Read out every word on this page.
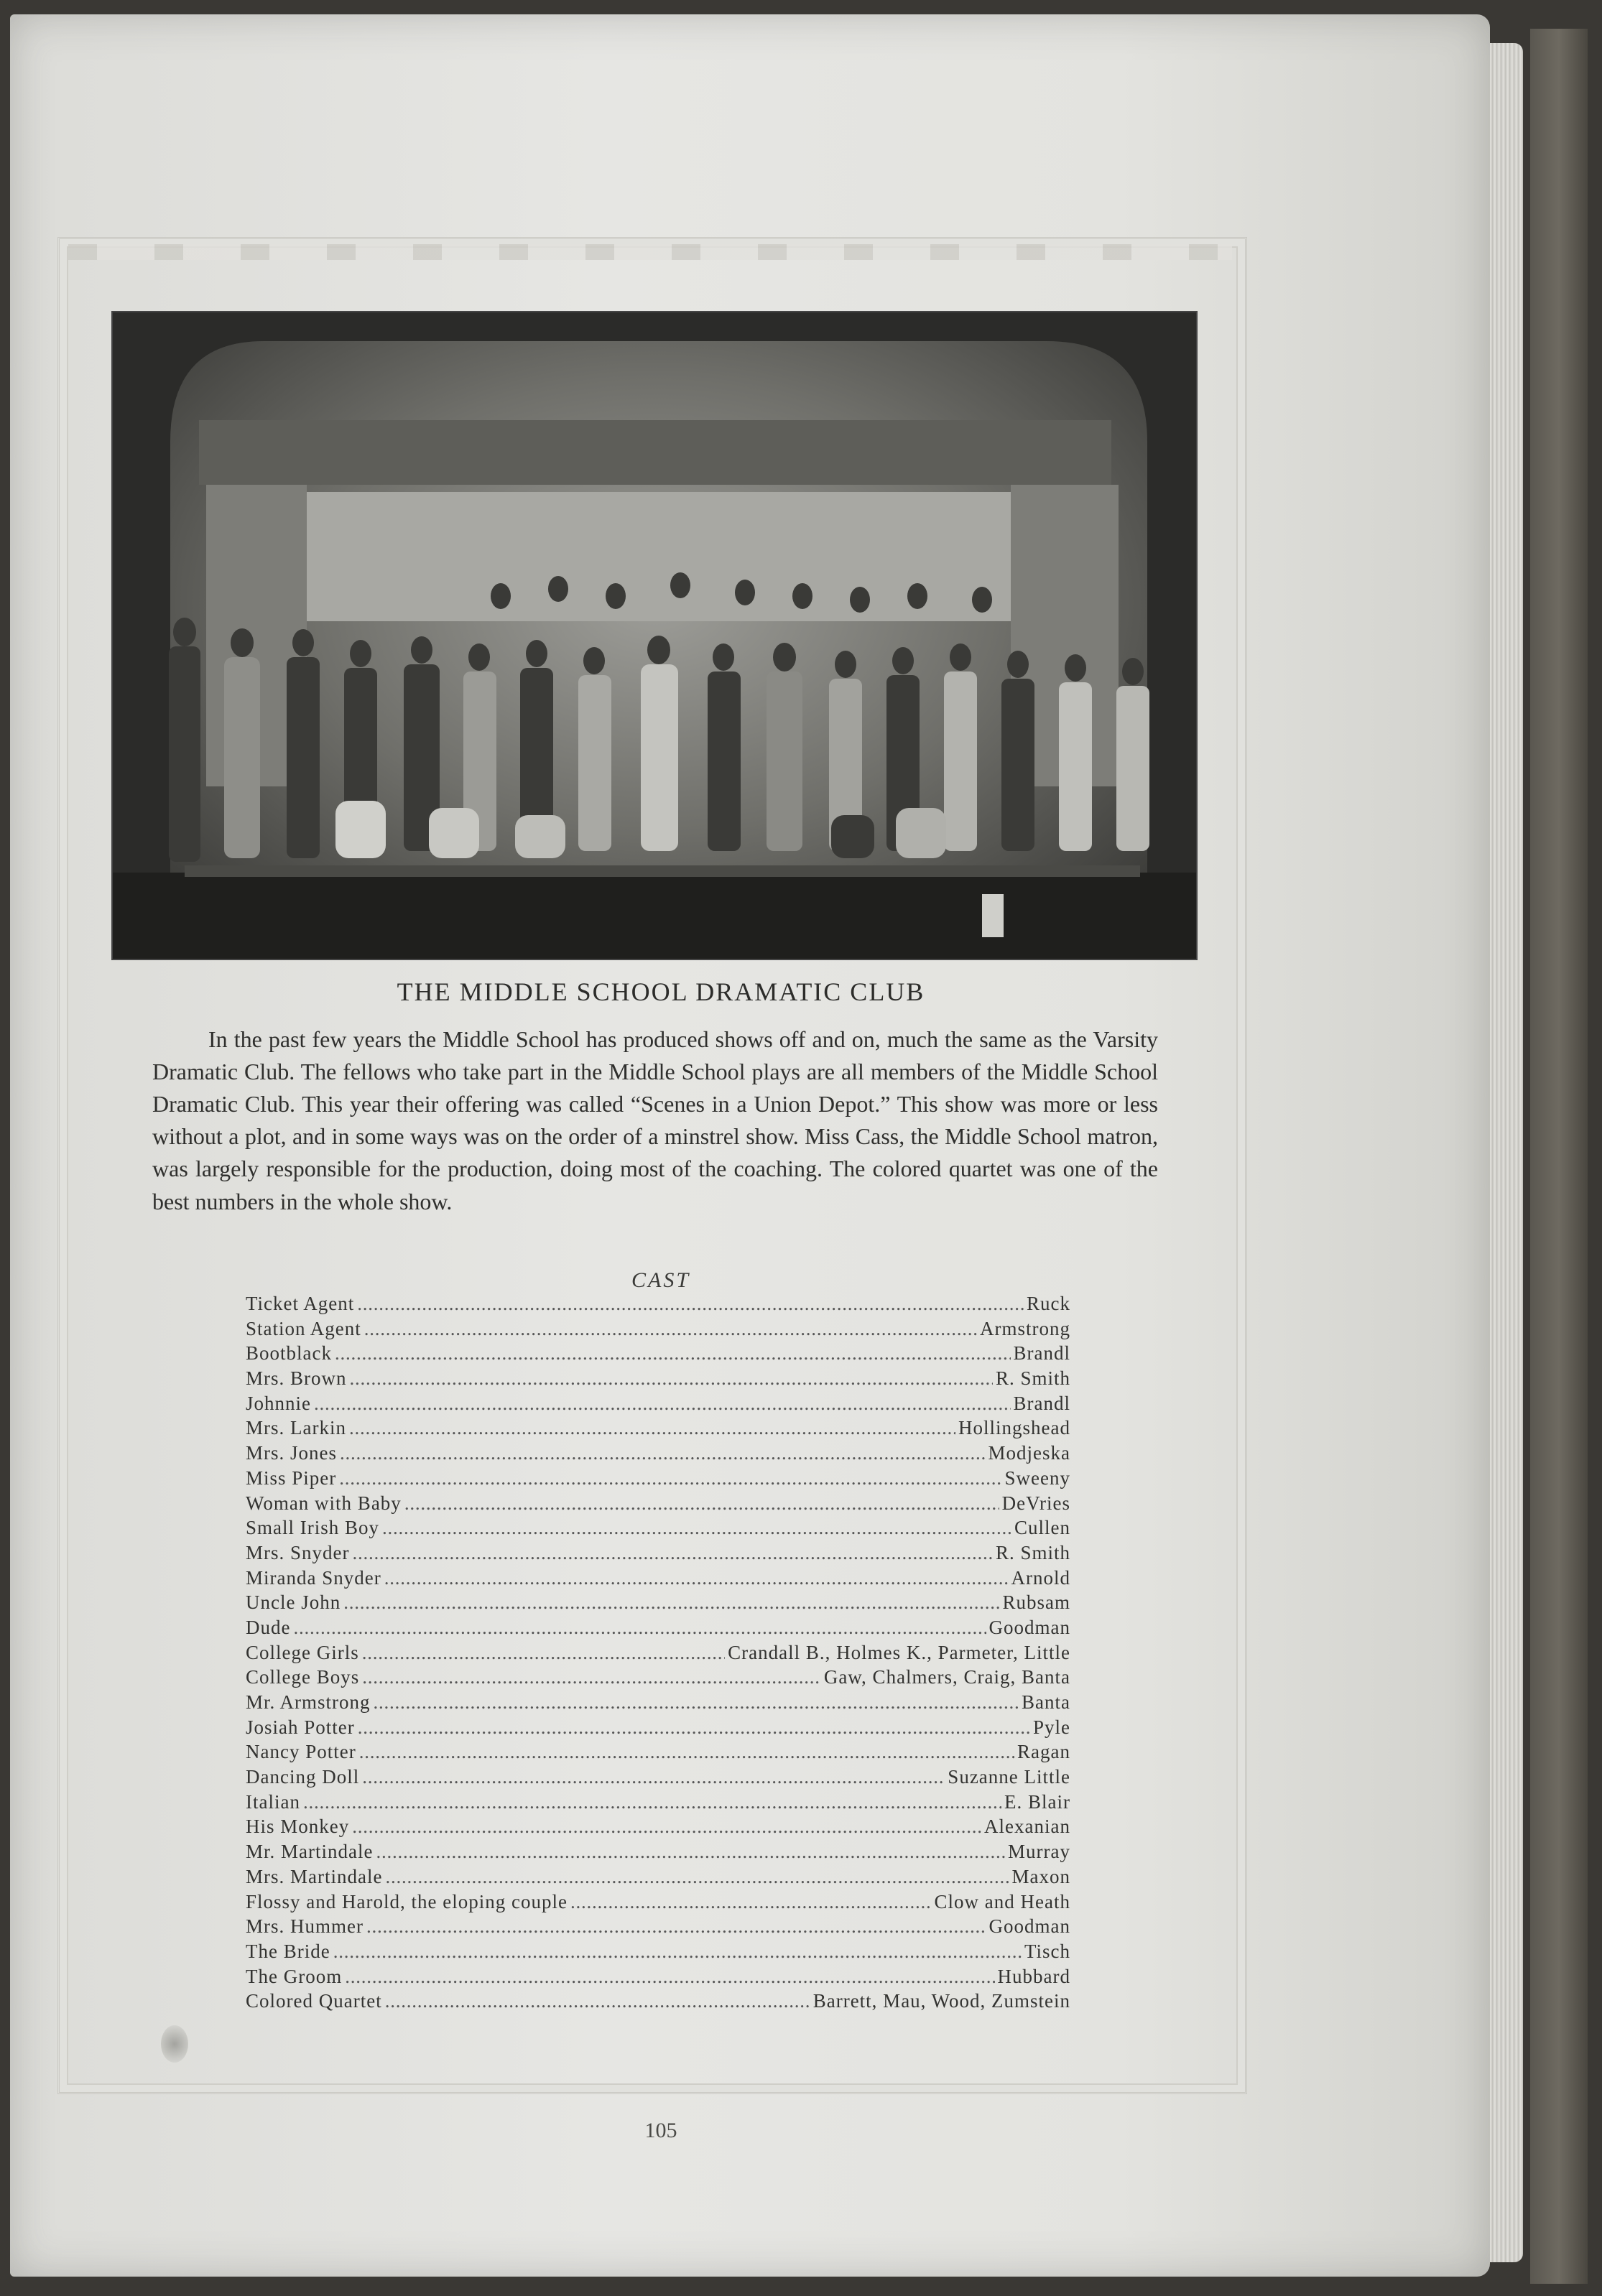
THE MIDDLE SCHOOL DRAMATIC CLUB

In the past few years the Middle School has produced shows off and on, much the same as the Varsity Dramatic Club. The fellows who take part in the Middle School plays are all members of the Middle School Dramatic Club. This year their offering was called “Scenes in a Union Depot.” This show was more or less without a plot, and in some ways was on the order of a minstrel show. Miss Cass, the Middle School matron, was largely responsible for the production, doing most of the coaching. The colored quartet was one of the best numbers in the whole show.

CAST
Ticket Agent . . .	Ruck
Station Agent . . .	Armstrong
Bootblack . . .	Brandl
Mrs. Brown . . .	R. Smith
Johnnie . . .	Brandl
Mrs. Larkin . . .	Hollingshead
Mrs. Jones . . .	Modjeska
Miss Piper . . .	Sweeny
Woman with Baby . . .	DeVries
Small Irish Boy . . .	Cullen
Mrs. Snyder . . .	R. Smith
Miranda Snyder . . .	Arnold
Uncle John . . .	Rubsam
Dude . . .	Goodman
College Girls . . .	Crandall B., Holmes K., Parmeter, Little
College Boys . . .	Gaw, Chalmers, Craig, Banta
Mr. Armstrong . . .	Banta
Josiah Potter . . .	Pyle
Nancy Potter . . .	Ragan
Dancing Doll . . .	Suzanne Little
Italian . . .	E. Blair
His Monkey . . .	Alexanian
Mr. Martindale . . .	Murray
Mrs. Martindale . . .	Maxon
Flossy and Harold, the eloping couple . . .	Clow and Heath
Mrs. Hummer . . .	Goodman
The Bride . . .	Tisch
The Groom . . .	Hubbard
Colored Quartet . . .	Barrett, Mau, Wood, Zumstein
105
